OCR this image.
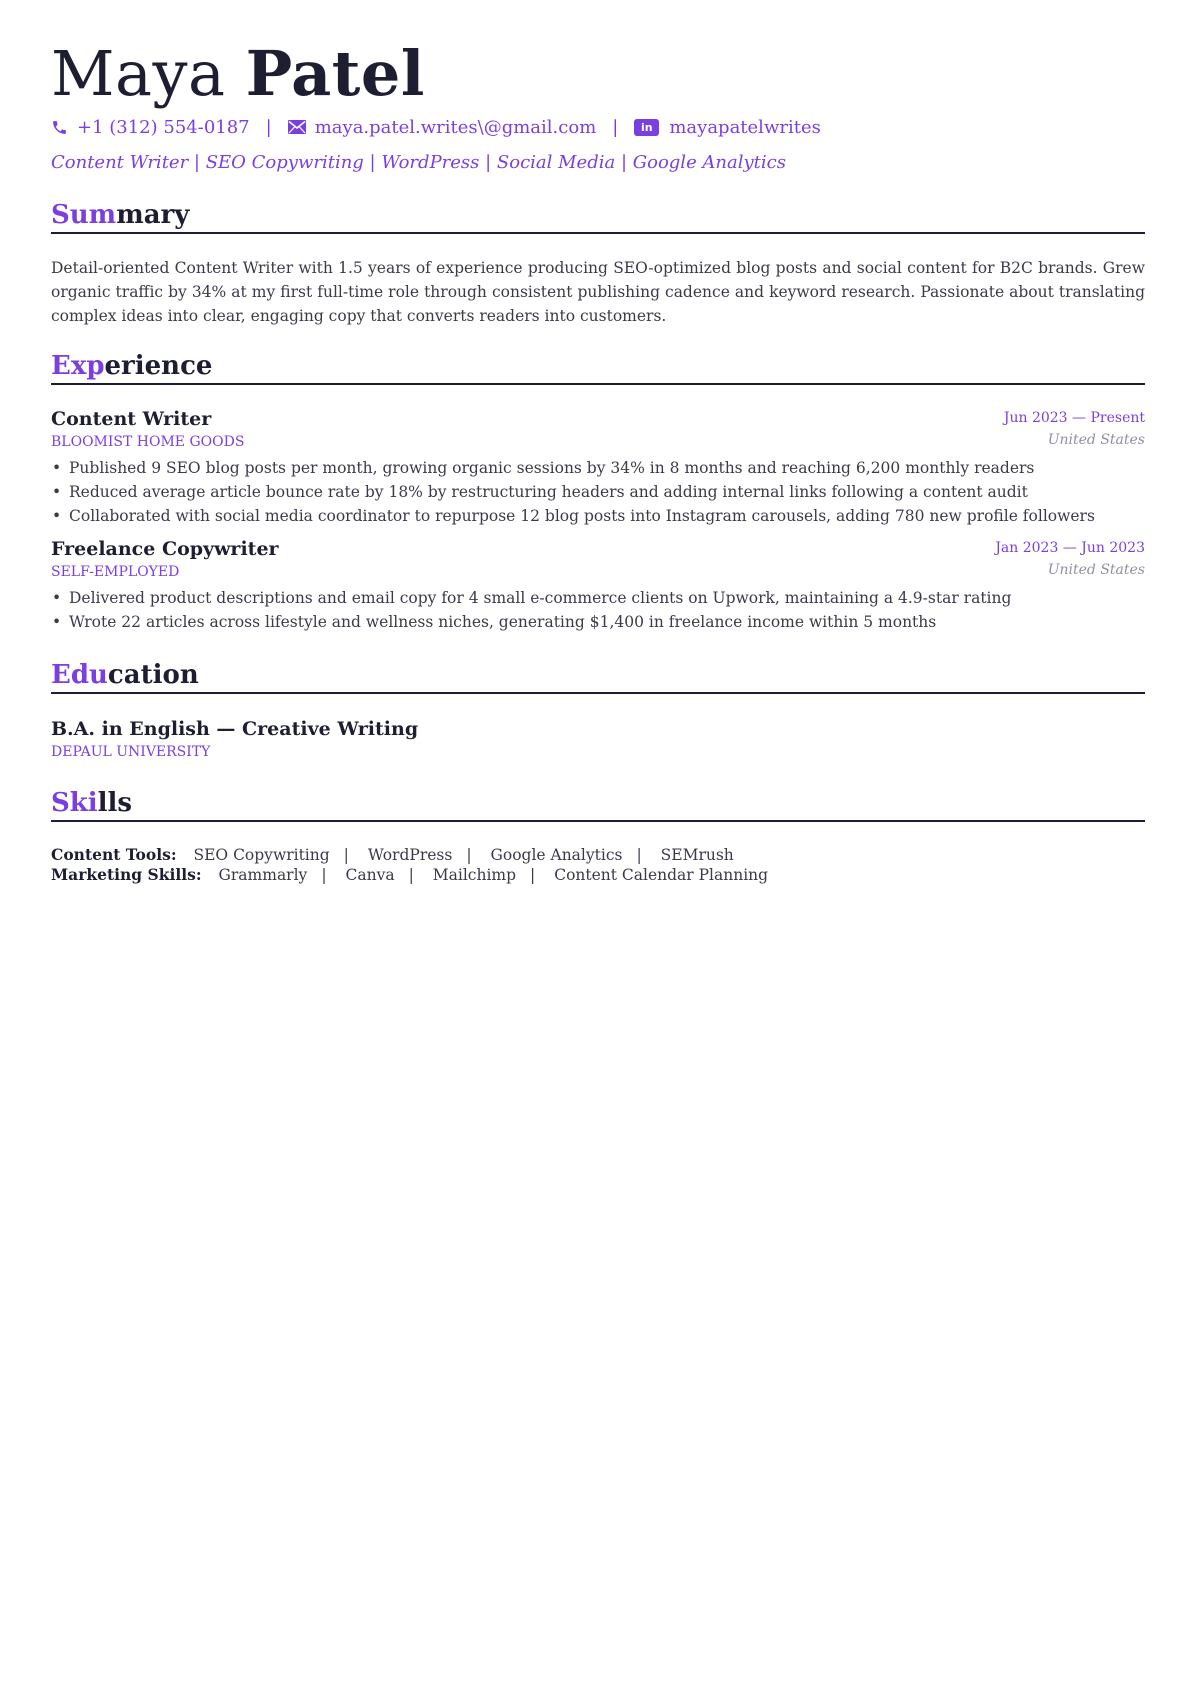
Maya Patel
+1 (312) 554-0187 | maya.patel.writes\@gmail.com |	in mayapatelwrites
Content Writer | SEO Copywriting | WordPress | Social Media | Google Analytics
Summary
Detail-oriented Content Writer with 1.5 years of experience producing SEO-optimized blog posts and social content for B2C brands. Grew organic traffic by 34% at my first full-time role through consistent publishing cadence and keyword research. Passionate about translating complex ideas into clear, engaging copy that converts readers into customers.
Experience
Content Writer	Jun 2023 — Present
BLOOMIST HOME GOODS	United States
• Published 9 SEO blog posts per month, growing organic sessions by 34% in 8 months and reaching 6,200 monthly readers
• Reduced average article bounce rate by 18% by restructuring headers and adding internal links following a content audit
• Collaborated with social media coordinator to repurpose 12 blog posts into Instagram carousels, adding 780 new profile followers
Freelance Copywriter	Jan 2023 — Jun 2023
SELF-EMPLOYED	United States
• Delivered product descriptions and email copy for 4 small e-commerce clients on Upwork, maintaining a 4.9-star rating
• Wrote 22 articles across lifestyle and wellness niches, generating $1,400 in freelance income within 5 months
Education
B.A. in English — Creative Writing
DEPAUL UNIVERSITY
Skills
Content Tools: SEO Copywriting | WordPress | Google Analytics | SEMrush
Marketing Skills: Grammarly | Canva | Mailchimp | Content Calendar Planning
